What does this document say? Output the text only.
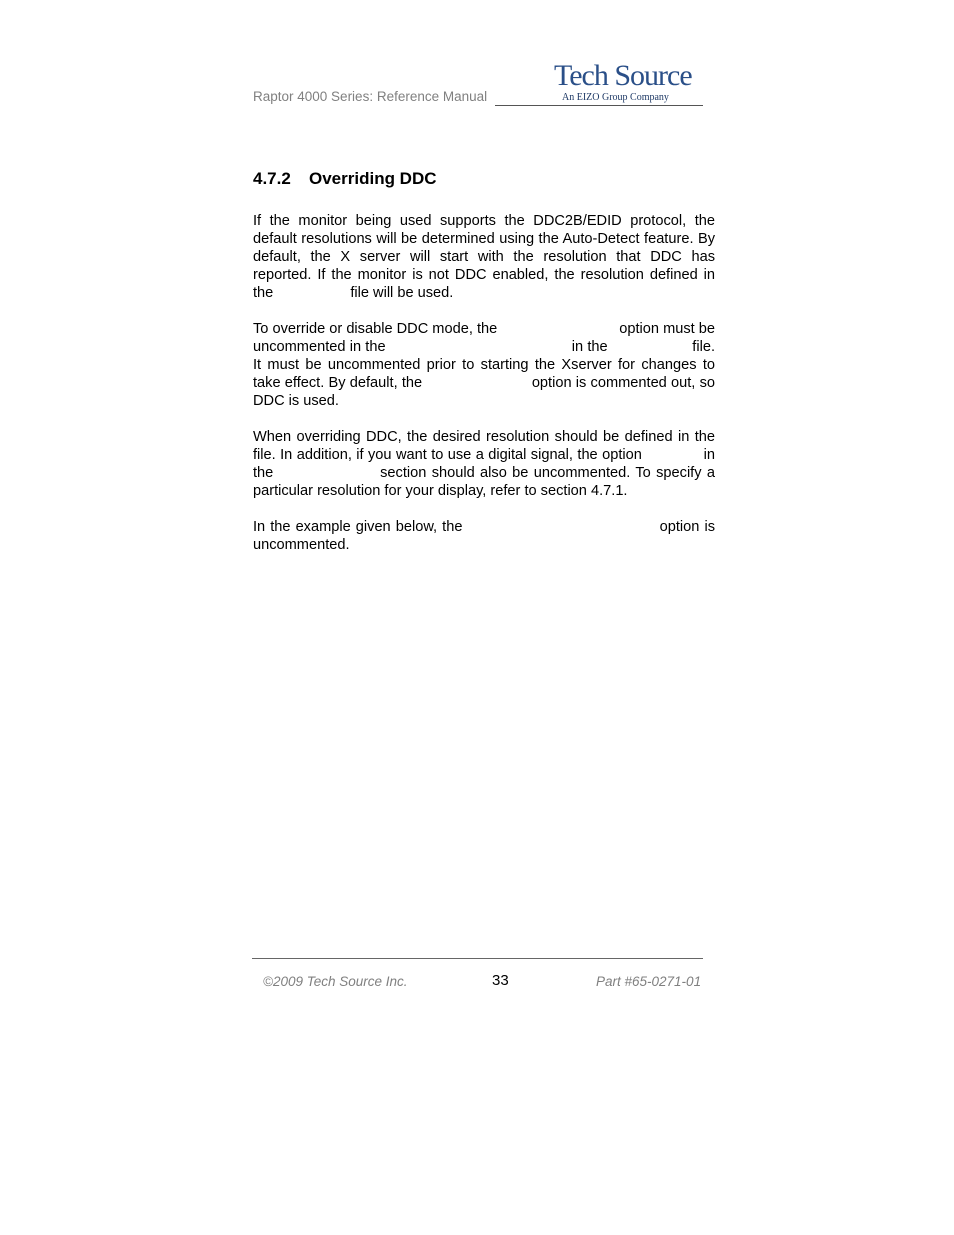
Raptor 4000 Series: Reference Manual
Tech Source
An EIZO Group Company
4.7.2 Overriding DDC

If the monitor being used supports the DDC2B/EDID protocol, the default resolutions will be determined using the Auto-Detect feature. By default, the X server will start with the resolution that DDC has reported. If the monitor is not DDC enabled, the resolution defined in the                   file will be used.

To override or disable DDC mode, the                              option must be uncommented in the                                            in the                    file. It must be uncommented prior to starting the Xserver for changes to take effect. By default, the                          option is commented out, so DDC is used.

When overriding DDC, the desired resolution should be defined in the                       file. In addition, if you want to use a digital signal, the option              in the                    section should also be uncommented. To specify a particular resolution for your display, refer to section 4.7.1.

In the example given below, the                                       option is uncommented.

©2009 Tech Source Inc.	33	Part #65-0271-01
